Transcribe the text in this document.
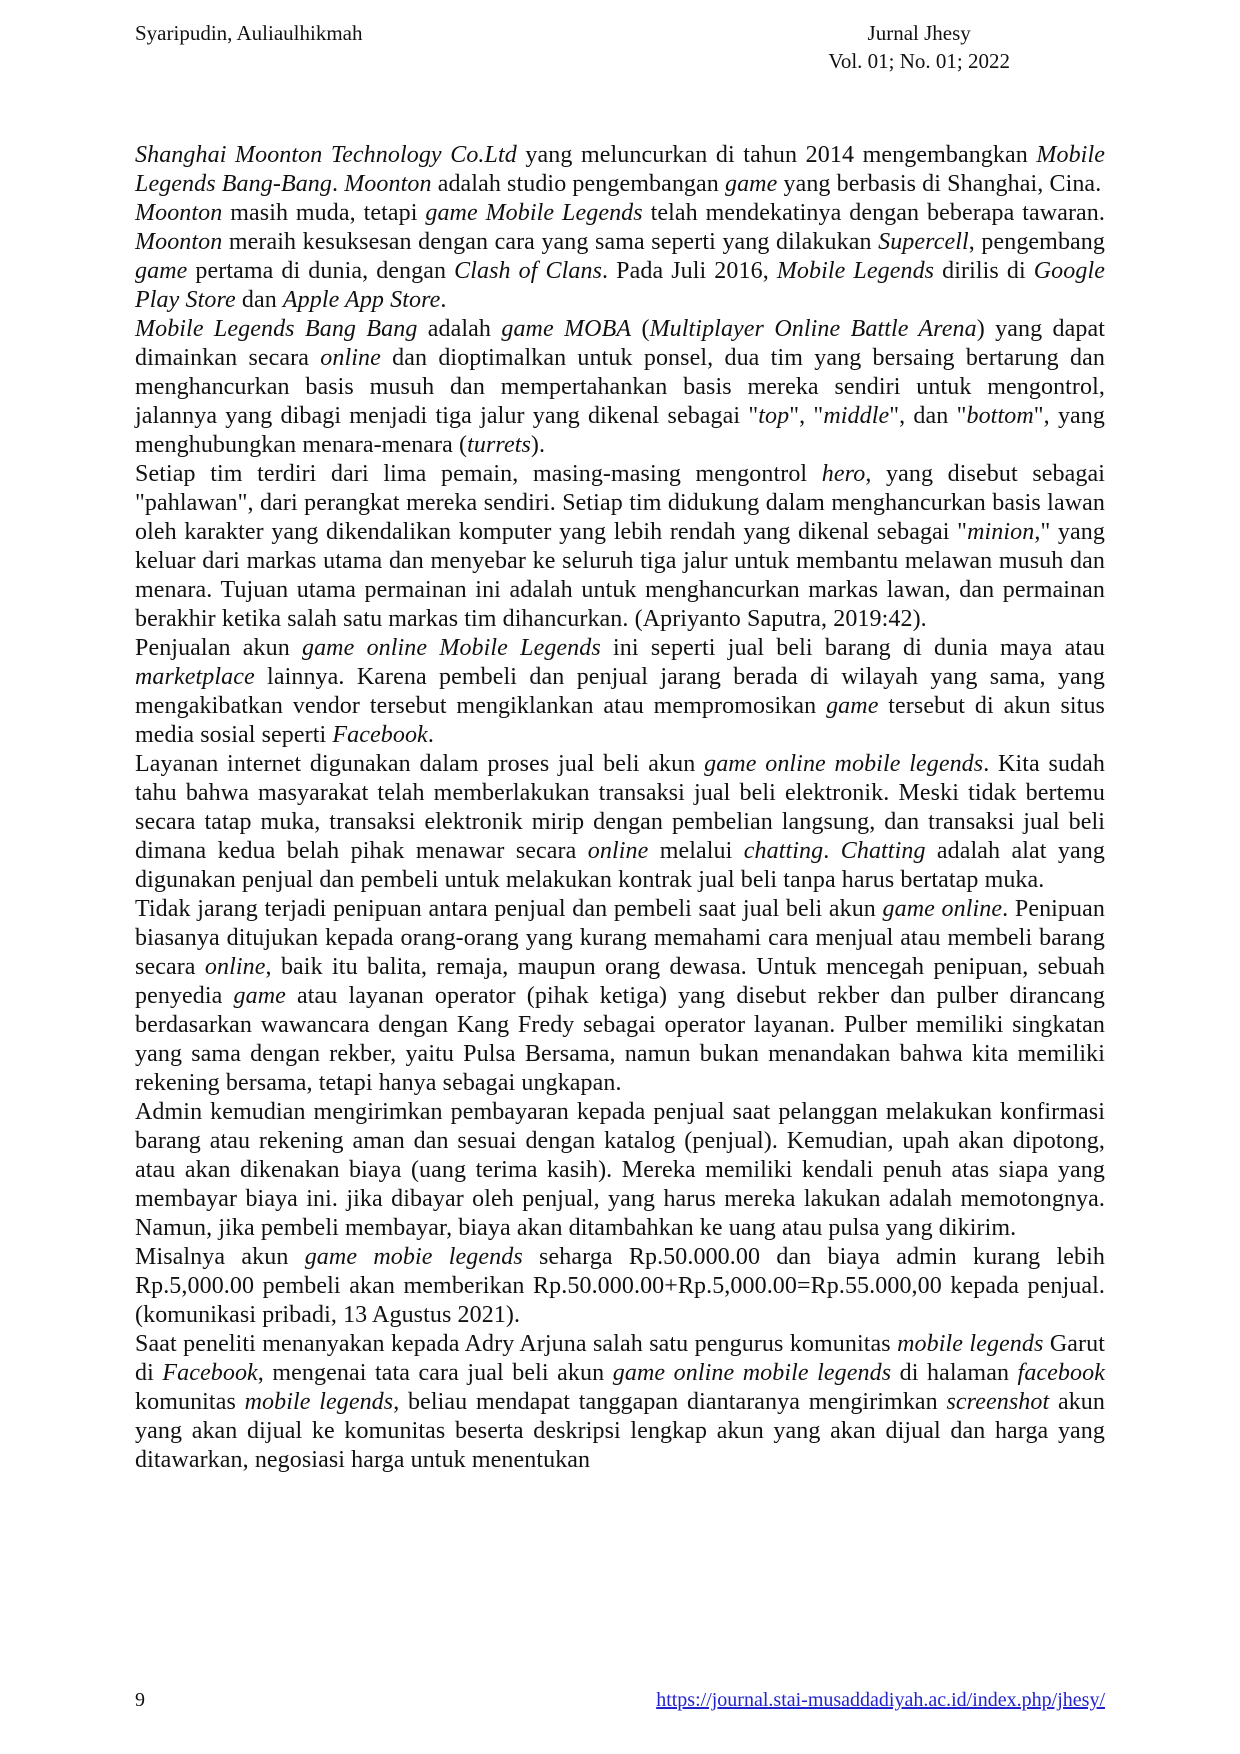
Syaripudin, Auliaulhikmah	Jurnal Jhesy
Vol. 01; No. 01; 2022

Shanghai Moonton Technology Co.Ltd yang meluncurkan di tahun 2014 mengembangkan Mobile Legends Bang-Bang. Moonton adalah studio pengembangan game yang berbasis di Shanghai, Cina.

Moonton masih muda, tetapi game Mobile Legends telah mendekatinya dengan beberapa tawaran. Moonton meraih kesuksesan dengan cara yang sama seperti yang dilakukan Supercell, pengembang game pertama di dunia, dengan Clash of Clans. Pada Juli 2016, Mobile Legends dirilis di Google Play Store dan Apple App Store.

Mobile Legends Bang Bang adalah game MOBA (Multiplayer Online Battle Arena) yang dapat dimainkan secara online dan dioptimalkan untuk ponsel, dua tim yang bersaing bertarung dan menghancurkan basis musuh dan mempertahankan basis mereka sendiri untuk mengontrol, jalannya yang dibagi menjadi tiga jalur yang dikenal sebagai "top", "middle", dan "bottom", yang menghubungkan menara-menara (turrets).

Setiap tim terdiri dari lima pemain, masing-masing mengontrol hero, yang disebut sebagai "pahlawan", dari perangkat mereka sendiri. Setiap tim didukung dalam menghancurkan basis lawan oleh karakter yang dikendalikan komputer yang lebih rendah yang dikenal sebagai "minion," yang keluar dari markas utama dan menyebar ke seluruh tiga jalur untuk membantu melawan musuh dan menara. Tujuan utama permainan ini adalah untuk menghancurkan markas lawan, dan permainan berakhir ketika salah satu markas tim dihancurkan. (Apriyanto Saputra, 2019:42).

Penjualan akun game online Mobile Legends ini seperti jual beli barang di dunia maya atau marketplace lainnya. Karena pembeli dan penjual jarang berada di wilayah yang sama, yang mengakibatkan vendor tersebut mengiklankan atau mempromosikan game tersebut di akun situs media sosial seperti Facebook.

Layanan internet digunakan dalam proses jual beli akun game online mobile legends. Kita sudah tahu bahwa masyarakat telah memberlakukan transaksi jual beli elektronik. Meski tidak bertemu secara tatap muka, transaksi elektronik mirip dengan pembelian langsung, dan transaksi jual beli dimana kedua belah pihak menawar secara online melalui chatting. Chatting adalah alat yang digunakan penjual dan pembeli untuk melakukan kontrak jual beli tanpa harus bertatap muka.

Tidak jarang terjadi penipuan antara penjual dan pembeli saat jual beli akun game online. Penipuan biasanya ditujukan kepada orang-orang yang kurang memahami cara menjual atau membeli barang secara online, baik itu balita, remaja, maupun orang dewasa. Untuk mencegah penipuan, sebuah penyedia game atau layanan operator (pihak ketiga) yang disebut rekber dan pulber dirancang berdasarkan wawancara dengan Kang Fredy sebagai operator layanan. Pulber memiliki singkatan yang sama dengan rekber, yaitu Pulsa Bersama, namun bukan menandakan bahwa kita memiliki rekening bersama, tetapi hanya sebagai ungkapan.

Admin kemudian mengirimkan pembayaran kepada penjual saat pelanggan melakukan konfirmasi barang atau rekening aman dan sesuai dengan katalog (penjual). Kemudian, upah akan dipotong, atau akan dikenakan biaya (uang terima kasih). Mereka memiliki kendali penuh atas siapa yang membayar biaya ini. jika dibayar oleh penjual, yang harus mereka lakukan adalah memotongnya. Namun, jika pembeli membayar, biaya akan ditambahkan ke uang atau pulsa yang dikirim.

Misalnya akun game mobie legends seharga Rp.50.000.00 dan biaya admin kurang lebih Rp.5,000.00 pembeli akan memberikan Rp.50.000.00+Rp.5,000.00=Rp.55.000,00 kepada penjual. (komunikasi pribadi, 13 Agustus 2021).

Saat peneliti menanyakan kepada Adry Arjuna salah satu pengurus komunitas mobile legends Garut di Facebook, mengenai tata cara jual beli akun game online mobile legends di halaman facebook komunitas mobile legends, beliau mendapat tanggapan diantaranya mengirimkan screenshot akun yang akan dijual ke komunitas beserta deskripsi lengkap akun yang akan dijual dan harga yang ditawarkan, negosiasi harga untuk menentukan

9	https://journal.stai-musaddadiyah.ac.id/index.php/jhesy/
